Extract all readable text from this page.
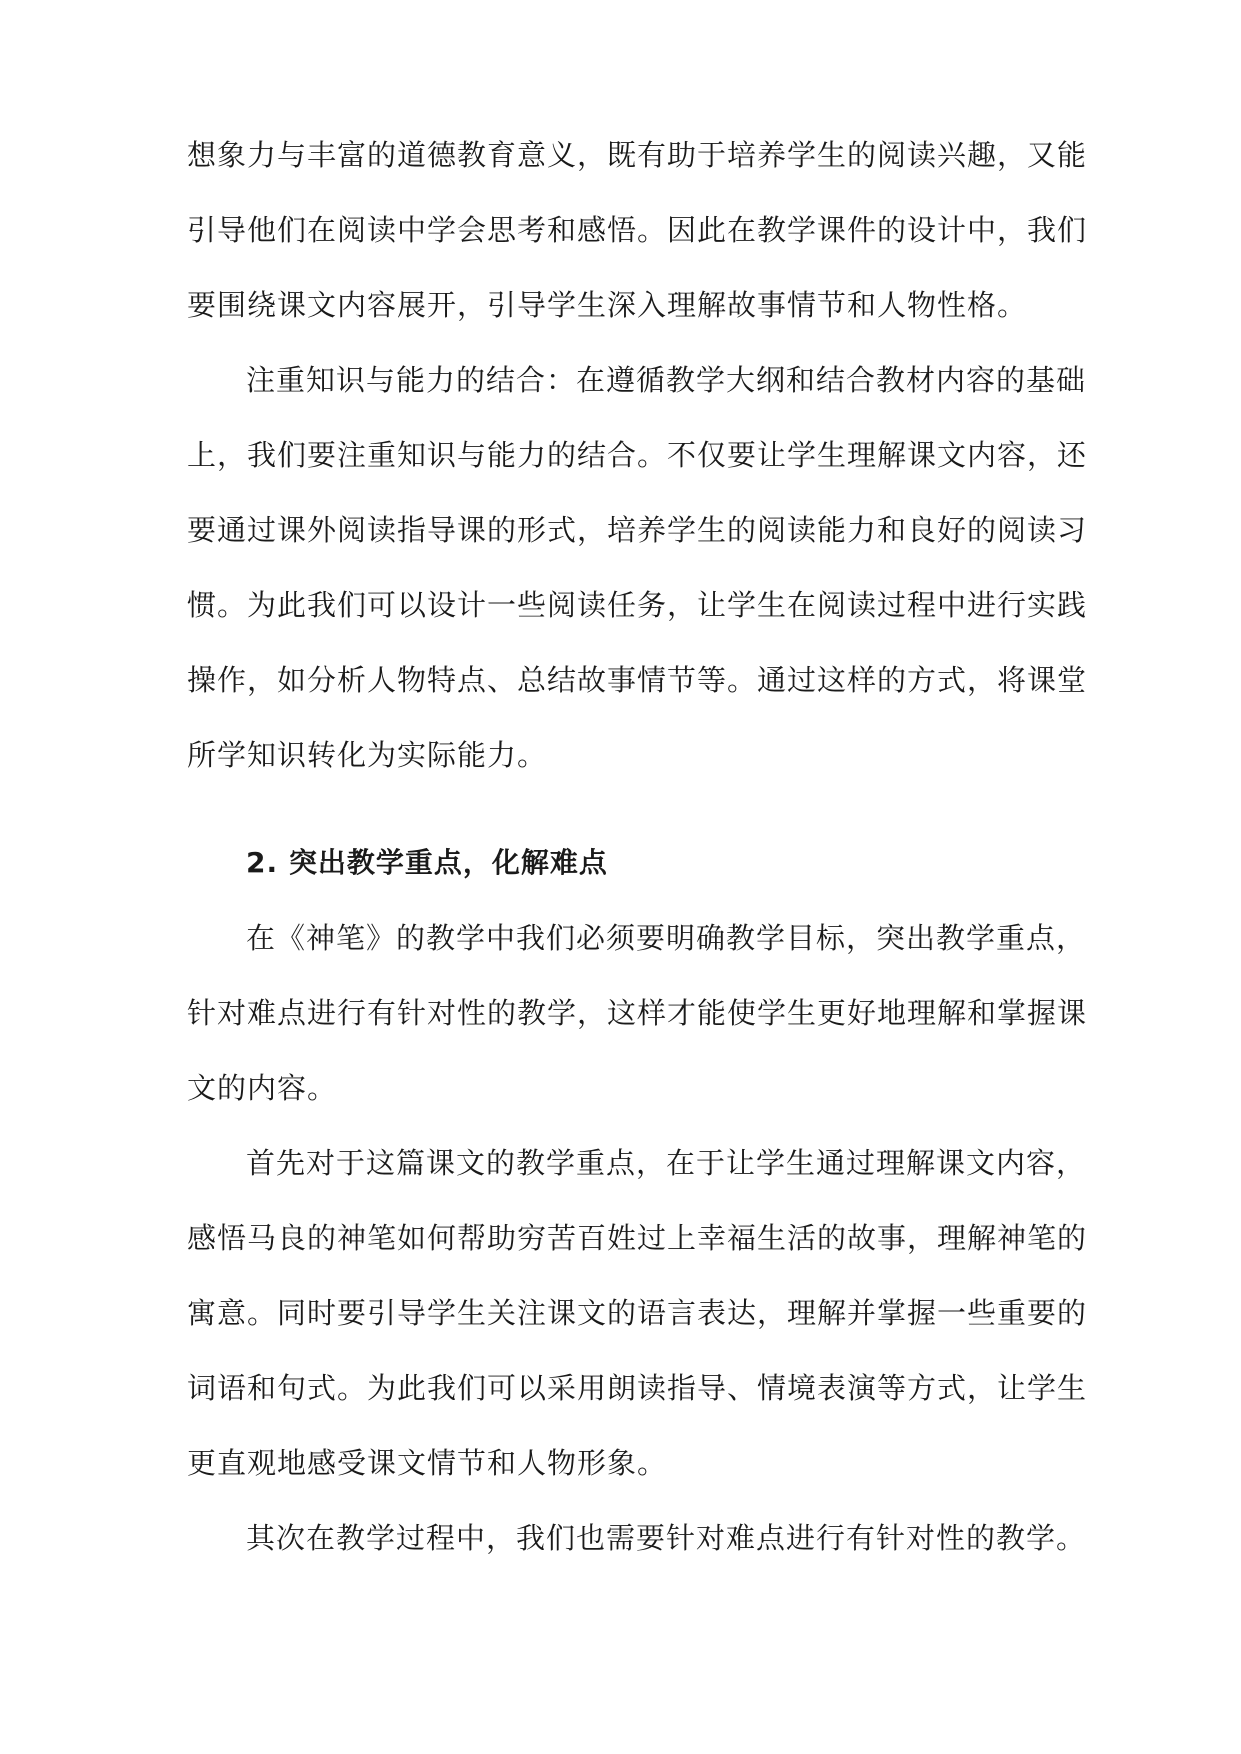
想象力与丰富的道德教育意义，既有助于培养学生的阅读兴趣，又能
引导他们在阅读中学会思考和感悟。因此在教学课件的设计中，我们
要围绕课文内容展开，引导学生深入理解故事情节和人物性格。
注重知识与能力的结合：在遵循教学大纲和结合教材内容的基础
上，我们要注重知识与能力的结合。不仅要让学生理解课文内容，还
要通过课外阅读指导课的形式，培养学生的阅读能力和良好的阅读习
惯。为此我们可以设计一些阅读任务，让学生在阅读过程中进行实践
操作，如分析人物特点、总结故事情节等。通过这样的方式，将课堂
所学知识转化为实际能力。
2. 突出教学重点，化解难点
在《神笔》的教学中我们必须要明确教学目标，突出教学重点，
针对难点进行有针对性的教学，这样才能使学生更好地理解和掌握课
文的内容。
首先对于这篇课文的教学重点，在于让学生通过理解课文内容，
感悟马良的神笔如何帮助穷苦百姓过上幸福生活的故事，理解神笔的
寓意。同时要引导学生关注课文的语言表达，理解并掌握一些重要的
词语和句式。为此我们可以采用朗读指导、情境表演等方式，让学生
更直观地感受课文情节和人物形象。
其次在教学过程中，我们也需要针对难点进行有针对性的教学。
